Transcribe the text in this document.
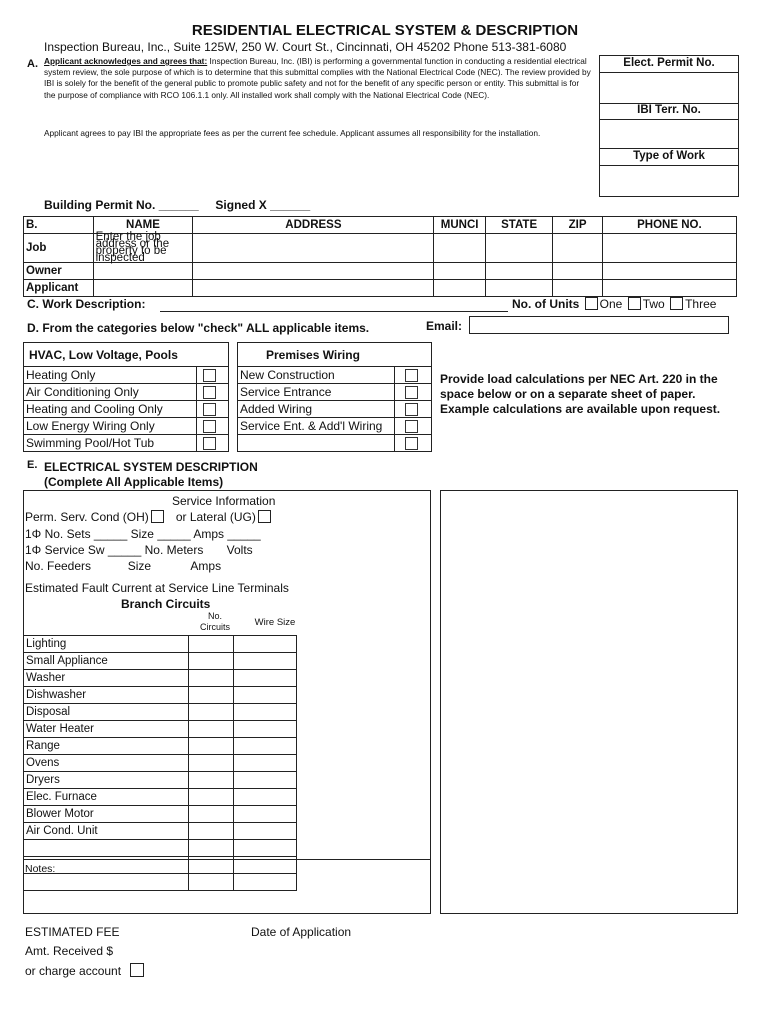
RESIDENTIAL ELECTRICAL SYSTEM & DESCRIPTION
Inspection Bureau, Inc., Suite 125W, 250 W. Court St., Cincinnati, OH 45202 Phone 513-381-6080
A. Applicant acknowledges and agrees that: Inspection Bureau, Inc. (IBI) is performing a governmental function in conducting a residential electrical system review, the sole purpose of which is to determine that this submittal complies with the National Electrical Code (NEC). The review provided by IBI is solely for the benefit of the general public to promote public safety and not for the benefit of any specific person or entity. This submittal is for the purpose of compliance with RCO 106.1.1 only. All installed work shall comply with the National Electrical Code (NEC).
Applicant agrees to pay IBI the appropriate fees as per the current fee schedule. Applicant assumes all responsibility for the installation.
Elect. Permit No.
IBI Terr. No.
Type of Work
Building Permit No. ______ Signed X ______
B.	NAME	ADDRESS	MUNCI	STATE	ZIP	PHONE NO.
Job	Enter the job address or the property to be inspected					
Owner						
Applicant						
C. Work Description:	No. of Units One Two Three
D. From the categories below "check" ALL applicable items.	Email:
HVAC, Low Voltage, Pools
Heating Only
Air Conditioning Only
Heating and Cooling Only
Low Energy Wiring Only
Swimming Pool/Hot Tub
Premises Wiring
New Construction
Service Entrance
Added Wiring
Service Ent. & Add'l Wiring
Provide load calculations per NEC Art. 220 in the space below or on a separate sheet of paper. Example calculations are available upon request.
E. ELECTRICAL SYSTEM DESCRIPTION
(Complete All Applicable Items)
Service Information
Perm. Serv. Cond (OH) or Lateral (UG)
1Φ No. Sets _____ Size _____ Amps _____
1Φ Service Sw _____ No. Meters       Volts
No. Feeders           Size            Amps
Estimated Fault Current at Service Line Terminals
Branch Circuits
No. Circuits	Wire Size
Lighting		
Small Appliance		
Washer		
Dishwasher		
Disposal		
Water Heater		
Range		
Ovens		
Dryers		
Elec. Furnace		
Blower Motor		
Air Cond. Unit		

Notes:
ESTIMATED FEE	Date of Application
Amt. Received $
or charge account
